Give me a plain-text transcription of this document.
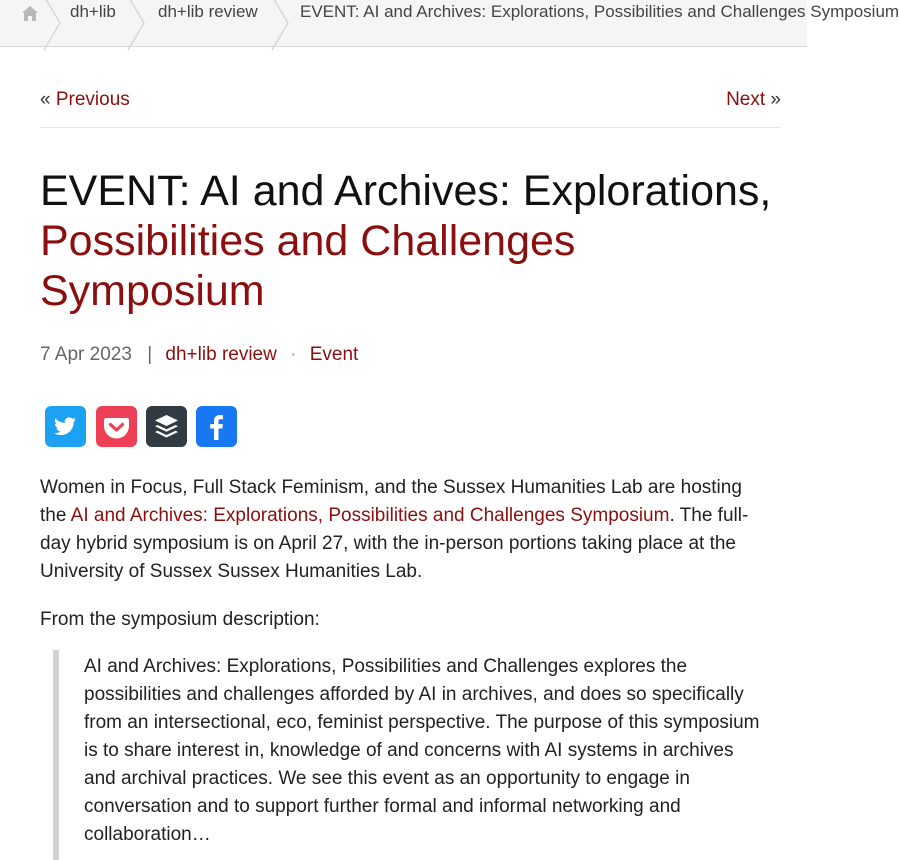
dh+lib dh+lib review EVENT: AI and Archives: Explorations, Possibilities and Challenges Symposium
« Previous	Next »
EVENT: AI and Archives: Explorations, Possibilities and Challenges Symposium
7 Apr 2023 | dh+lib review · Event

Women in Focus, Full Stack Feminism, and the Sussex Humanities Lab are hosting the AI and Archives: Explorations, Possibilities and Challenges Symposium. The full-day hybrid symposium is on April 27, with the in-person portions taking place at the University of Sussex Sussex Humanities Lab.

From the symposium description:

AI and Archives: Explorations, Possibilities and Challenges explores the possibilities and challenges afforded by AI in archives, and does so specifically from an intersectional, eco, feminist perspective. The purpose of this symposium is to share interest in, knowledge of and concerns with AI systems in archives and archival practices. We see this event as an opportunity to engage in conversation and to support further formal and informal networking and collaboration…
